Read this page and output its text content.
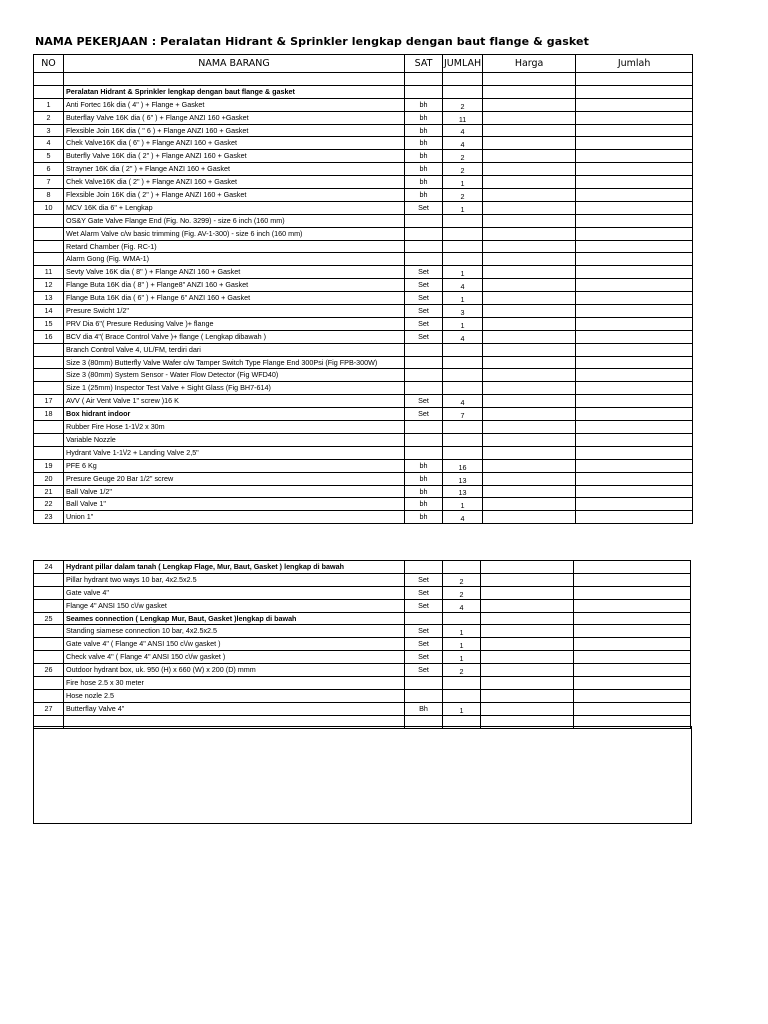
NAMA PEKERJAAN : Peralatan Hidrant & Sprinkler lengkap dengan baut flange & gasket
NO	NAMA BARANG	SAT	JUMLAH	Harga	Jumlah

	Peralatan Hidrant & Sprinkler lengkap dengan baut flange & gasket				
1	Anti Fortec 16k dia ( 4" ) + Flange + Gasket	bh	2		
2	Buterflay Valve 16K dia ( 6" ) + Flange ANZI 160 +Gasket	bh	11		
3	Flexsible Join 16K dia ( " 6 ) + Flange ANZI 160 + Gasket	bh	4		
4	Chek Valve16K dia ( 6" ) + Flange ANZI 160 + Gasket	bh	4		
5	Buterfly Valve 16K dia ( 2" ) + Flange ANZI 160 + Gasket	bh	2		
6	Strayner 16K dia ( 2" ) + Flange ANZI 160 + Gasket	bh	2		
7	Chek Valve16K dia ( 2" ) + Flange ANZI 160 + Gasket	bh	1		
8	Flexsible Join 16K dia ( 2" ) + Flange ANZI 160 + Gasket	bh	2		
10	MCV 16K dia 6" + Lengkap	Set	1		
	OS&Y Gate Valve Flange End (Fig. No. 3299) - size 6 inch (160 mm)				
	Wet Alarm Valve c/w basic trimming (Fig. AV-1-300) - size 6 inch (160 mm)				
	Retard Chamber (Fig. RC-1)				
	Alarm Gong (Fig. WMA-1)				
11	Sevty Valve 16K dia ( 8" ) + Flange ANZI 160 + Gasket	Set	1		
12	Flange Buta 16K dia ( 8" ) + Flange8" ANZI 160 + Gasket	Set	4		
13	Flange Buta 16K dia ( 6" ) + Flange 6" ANZI 160 + Gasket	Set	1		
14	Presure Swicht 1/2"	Set	3		
15	PRV Dia 6"( Presure Redusing Valve )+ flange	Set	1		
16	BCV dia 4"( Brace Control Valve )+ flange ( Lengkap dibawah )	Set	4		
	Branch Control Valve 4, UL/FM, terdiri dari				
	Size 3 (80mm) Butterfly Valve Wafer c/w Tamper Switch Type Flange End 300Psi (Fig FPB-300W)				
	Size 3 (80mm) System Sensor - Water Flow Detector (Fig WFD40)				
	Size 1 (25mm) Inspector Test Valve + Sight Glass (Fig BH7-614)				
17	AVV ( Air Vent Valve 1" screw )16 K	Set	4		
18	Box hidrant indoor	Set	7		
	Rubber Fire Hose 1-1\/2 x 30m				
	Variable Nozzle				
	Hydrant Valve 1-1\/2 + Landing Valve 2,5"				
19	PFE 6 Kg	bh	16		
20	Presure Geuge 20 Bar 1/2" screw	bh	13		
21	Ball Valve 1/2"	bh	13		
22	Ball Valve 1"	bh	1		
23	Union 1"	bh	4		
24	Hydrant pillar dalam tanah ( Lengkap Flage, Mur, Baut, Gasket ) lengkap di bawah				
	Pillar hydrant two ways 10 bar, 4x2.5x2.5	Set	2		
	Gate valve 4"	Set	2		
	Flange 4" ANSI 150 c\/w gasket	Set	4		
25	Seames connection ( Lengkap Mur, Baut, Gasket )lengkap di bawah				
	Standing siamese connection 10 bar, 4x2.5x2.5	Set	1		
	Gate valve 4" ( Flange 4" ANSI 150 c\/w gasket )	Set	1		
	Check valve 4" ( Flange 4" ANSI 150 c\/w gasket )	Set	1		
26	Outdoor hydrant box, uk. 950 (H) x 660 (W) x 200 (D) mmm	Set	2		
	Fire hose 2.5 x 30 meter				
	Hose nozle 2.5				
27	Butterflay Valve 4"	Bh	1		
